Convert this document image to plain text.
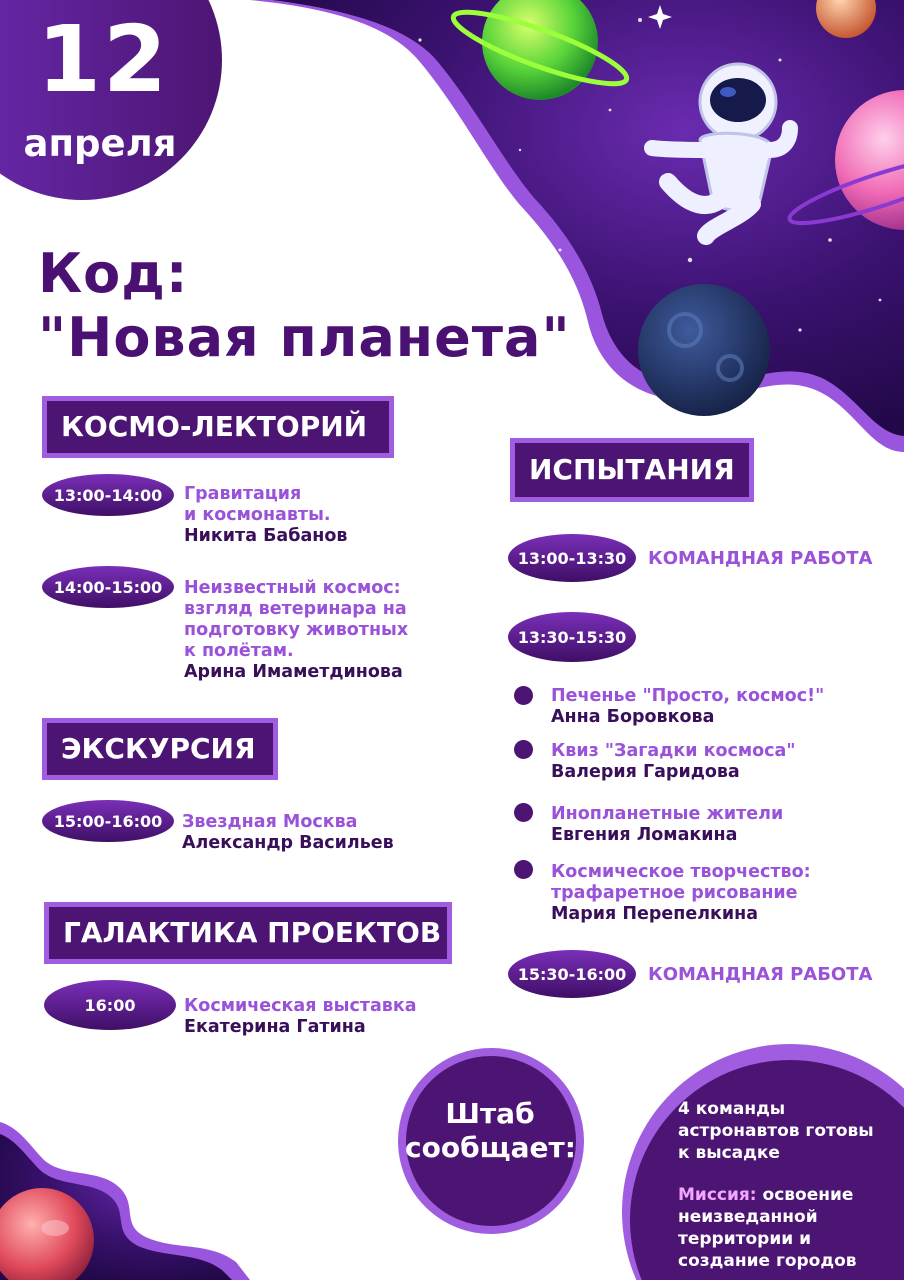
12
апреля
Код:
"Новая планета"
КОСМО-ЛЕКТОРИЙ
13:00-14:00 Гравитация
и космонавты.
Никита Бабанов
14:00-15:00 Неизвестный космос:
взгляд ветеринара на
подготовку животных
к полётам.
Арина Имаметдинова
ЭКСКУРСИЯ
15:00-16:00 Звездная Москва
Александр Васильев
ГАЛАКТИКА ПРОЕКТОВ
16:00	Космическая выставка
Екатерина Гатина
ИСПЫТАНИЯ
13:00-13:30 КОМАНДНАЯ РАБОТА
13:30-15:30
Печенье "Просто, космос!"
Анна Боровкова
Квиз "Загадки космоса"
Валерия Гаридова
Инопланетные жители
Евгения Ломакина
Космическое творчество:
трафаретное рисование
Мария Перепелкина
15:30-16:00 КОМАНДНАЯ РАБОТА
Штаб
сообщает:
4 команды
астронавтов готовы
к высадке
Миссия: освоение
неизведанной
территории и
создание городов
